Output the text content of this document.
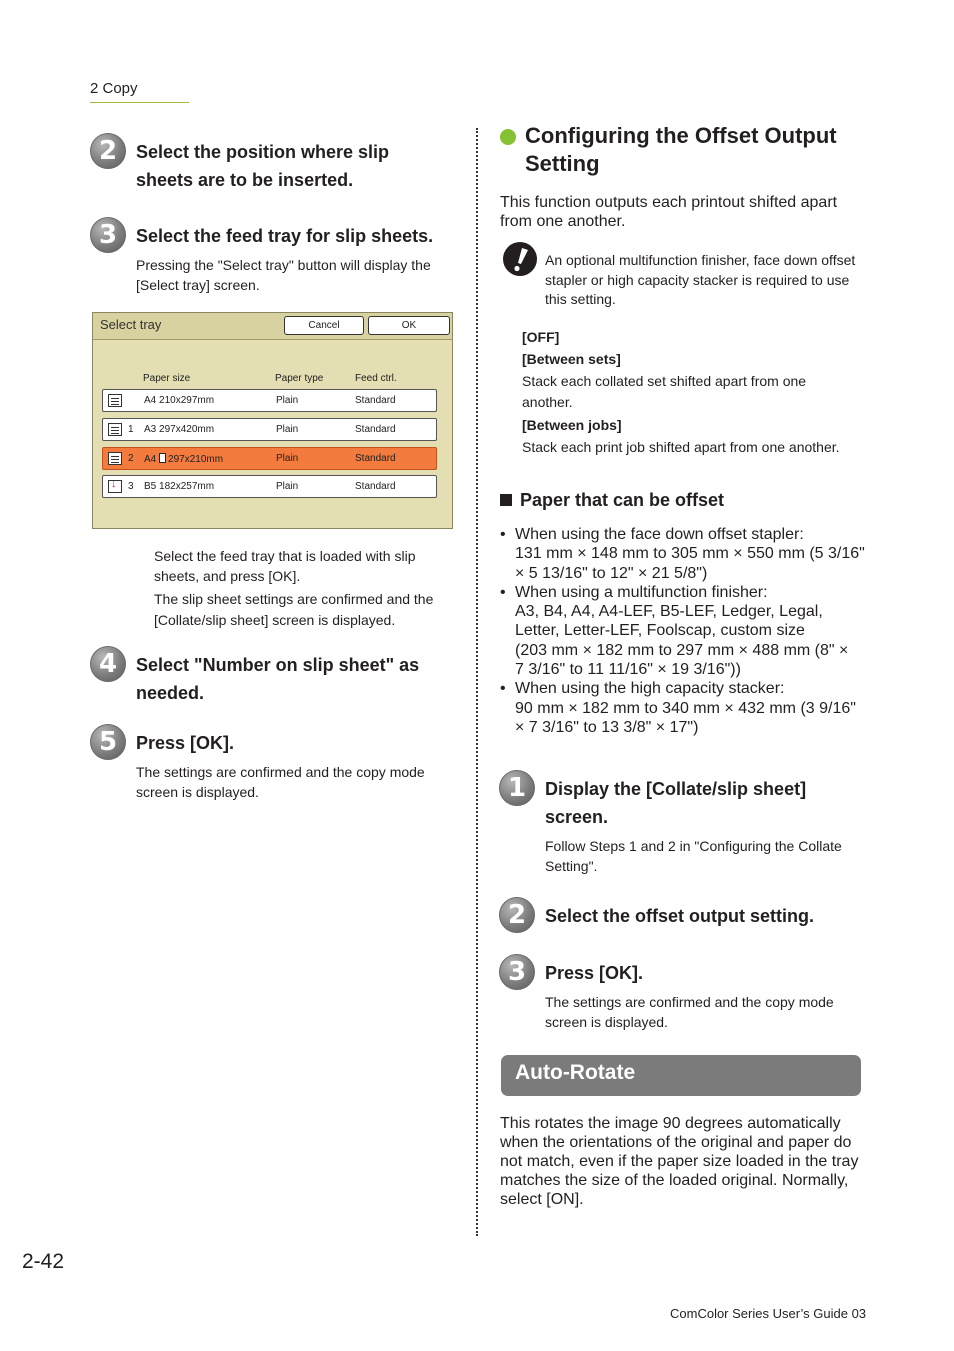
2 Copy
2	Select the position where slip
sheets are to be inserted.
3	Select the feed tray for slip sheets.
Pressing the "Select tray" button will display the
[Select tray] screen.
Select tray	Cancel	OK
Paper size	Paper type	Feed ctrl.
A4 210x297mm	Plain	Standard
1 A3 297x420mm	Plain	Standard
2 A4 297x210mm	Plain	Standard
↓
3 B5 182x257mm	Plain	Standard
Select the feed tray that is loaded with slip
sheets, and press [OK].
The slip sheet settings are confirmed and the
[Collate/slip sheet] screen is displayed.
4	Select "Number on slip sheet" as
needed.
5	Press [OK].
The settings are confirmed and the copy mode
screen is displayed.
Configuring the Offset Output
Setting
This function outputs each printout shifted apart
from one another.
An optional multifunction finisher, face down offset
stapler or high capacity stacker is required to use
this setting.
[OFF]
[Between sets]
Stack each collated set shifted apart from one
another.
[Between jobs]
Stack each print job shifted apart from one another.
Paper that can be offset
• When using the face down offset stapler:
131 mm × 148 mm to 305 mm × 550 mm (5 3/16"
× 5 13/16" to 12" × 21 5/8")
• When using a multifunction finisher:
A3, B4, A4, A4-LEF, B5-LEF, Ledger, Legal,
Letter, Letter-LEF, Foolscap, custom size
(203 mm × 182 mm to 297 mm × 488 mm (8" ×
7 3/16" to 11 11/16" × 19 3/16"))
• When using the high capacity stacker:
90 mm × 182 mm to 340 mm × 432 mm (3 9/16"
× 7 3/16" to 13 3/8" × 17")
1	Display the [Collate/slip sheet]
screen.
Follow Steps 1 and 2 in "Configuring the Collate
Setting".
2	Select the offset output setting.
3	Press [OK].
The settings are confirmed and the copy mode
screen is displayed.
Auto-Rotate
This rotates the image 90 degrees automatically
when the orientations of the original and paper do
not match, even if the paper size loaded in the tray
matches the size of the loaded original. Normally,
select [ON].
2-42
ComColor Series User’s Guide 03
